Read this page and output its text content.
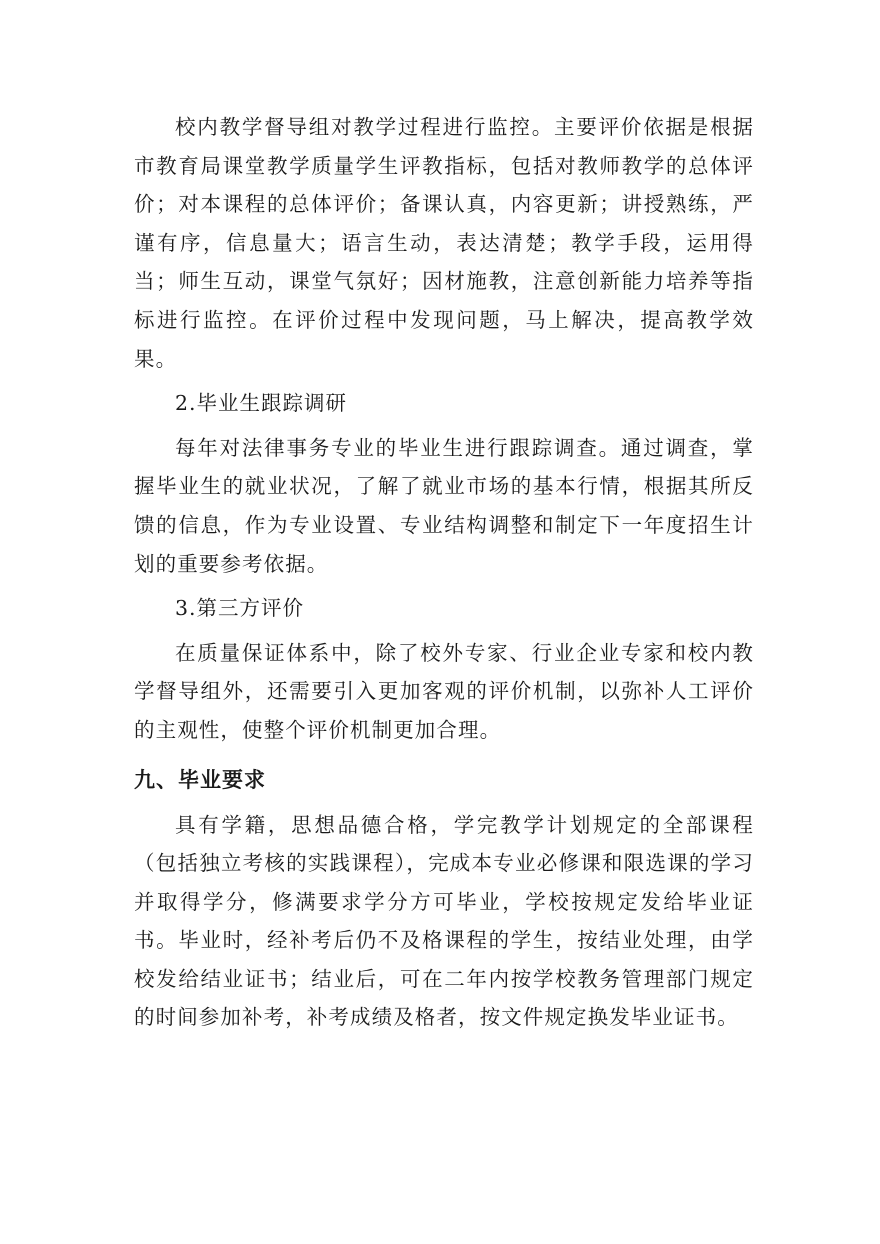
校内教学督导组对教学过程进行监控。主要评价依据是根据市教育局课堂教学质量学生评教指标，包括对教师教学的总体评价；对本课程的总体评价；备课认真，内容更新；讲授熟练，严谨有序，信息量大；语言生动，表达清楚；教学手段，运用得当；师生互动，课堂气氛好；因材施教，注意创新能力培养等指标进行监控。在评价过程中发现问题，马上解决，提高教学效果。

2.毕业生跟踪调研

每年对法律事务专业的毕业生进行跟踪调查。通过调查，掌握毕业生的就业状况，了解了就业市场的基本行情，根据其所反馈的信息，作为专业设置、专业结构调整和制定下一年度招生计划的重要参考依据。

3.第三方评价

在质量保证体系中，除了校外专家、行业企业专家和校内教学督导组外，还需要引入更加客观的评价机制，以弥补人工评价的主观性，使整个评价机制更加合理。

九、毕业要求

具有学籍，思想品德合格，学完教学计划规定的全部课程（包括独立考核的实践课程），完成本专业必修课和限选课的学习并取得学分，修满要求学分方可毕业，学校按规定发给毕业证书。毕业时，经补考后仍不及格课程的学生，按结业处理，由学校发给结业证书；结业后，可在二年内按学校教务管理部门规定的时间参加补考，补考成绩及格者，按文件规定换发毕业证书。
